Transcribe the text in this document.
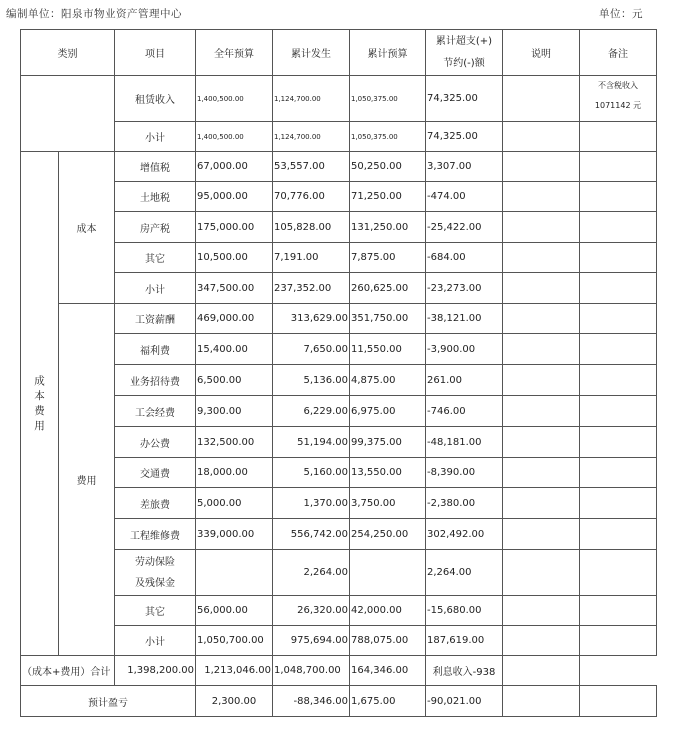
编制单位：阳泉市物业资产管理中心	单位：元
类别		项目	全年预算	累计发生	累计预算	累计超支(+)
节约(-)额	说明	备注
		租赁收入	1,400,500.00	1,124,700.00	1,050,375.00	74,325.00		不含税收入
1071142 元

		小计	1,400,500.00	1,124,700.00	1,050,375.00	74,325.00		
成本费用	成本	增值税	67,000.00	53,557.00	50,250.00	3,307.00		
		土地税	95,000.00	70,776.00	71,250.00	-474.00		
		房产税	175,000.00	105,828.00	131,250.00	-25,422.00		
		其它	10,500.00	7,191.00	7,875.00	-684.00		
		小计	347,500.00	237,352.00	260,625.00	-23,273.00		
	费用	工资薪酬	469,000.00	313,629.00	351,750.00	-38,121.00		
		福利费	15,400.00	7,650.00	11,550.00	-3,900.00		
		业务招待费	6,500.00	5,136.00	4,875.00	261.00		
		工会经费	9,300.00	6,229.00	6,975.00	-746.00		
		办公费	132,500.00	51,194.00	99,375.00	-48,181.00		
		交通费	18,000.00	5,160.00	13,550.00	-8,390.00		
		差旅费	5,000.00	1,370.00	3,750.00	-2,380.00		
		工程维修费	339,000.00	556,742.00	254,250.00	302,492.00		

		劳动保险
及残保金		2,264.00		2,264.00		
		其它	56,000.00	26,320.00	42,000.00	-15,680.00		
		小计	1,050,700.00	975,694.00	788,075.00	187,619.00		
（成本+费用）合计		1,398,200.00	1,213,046.00	1,048,700.00	164,346.00	利息收入-938		
预计盈亏			2,300.00	-88,346.00	1,675.00	-90,021.00		
